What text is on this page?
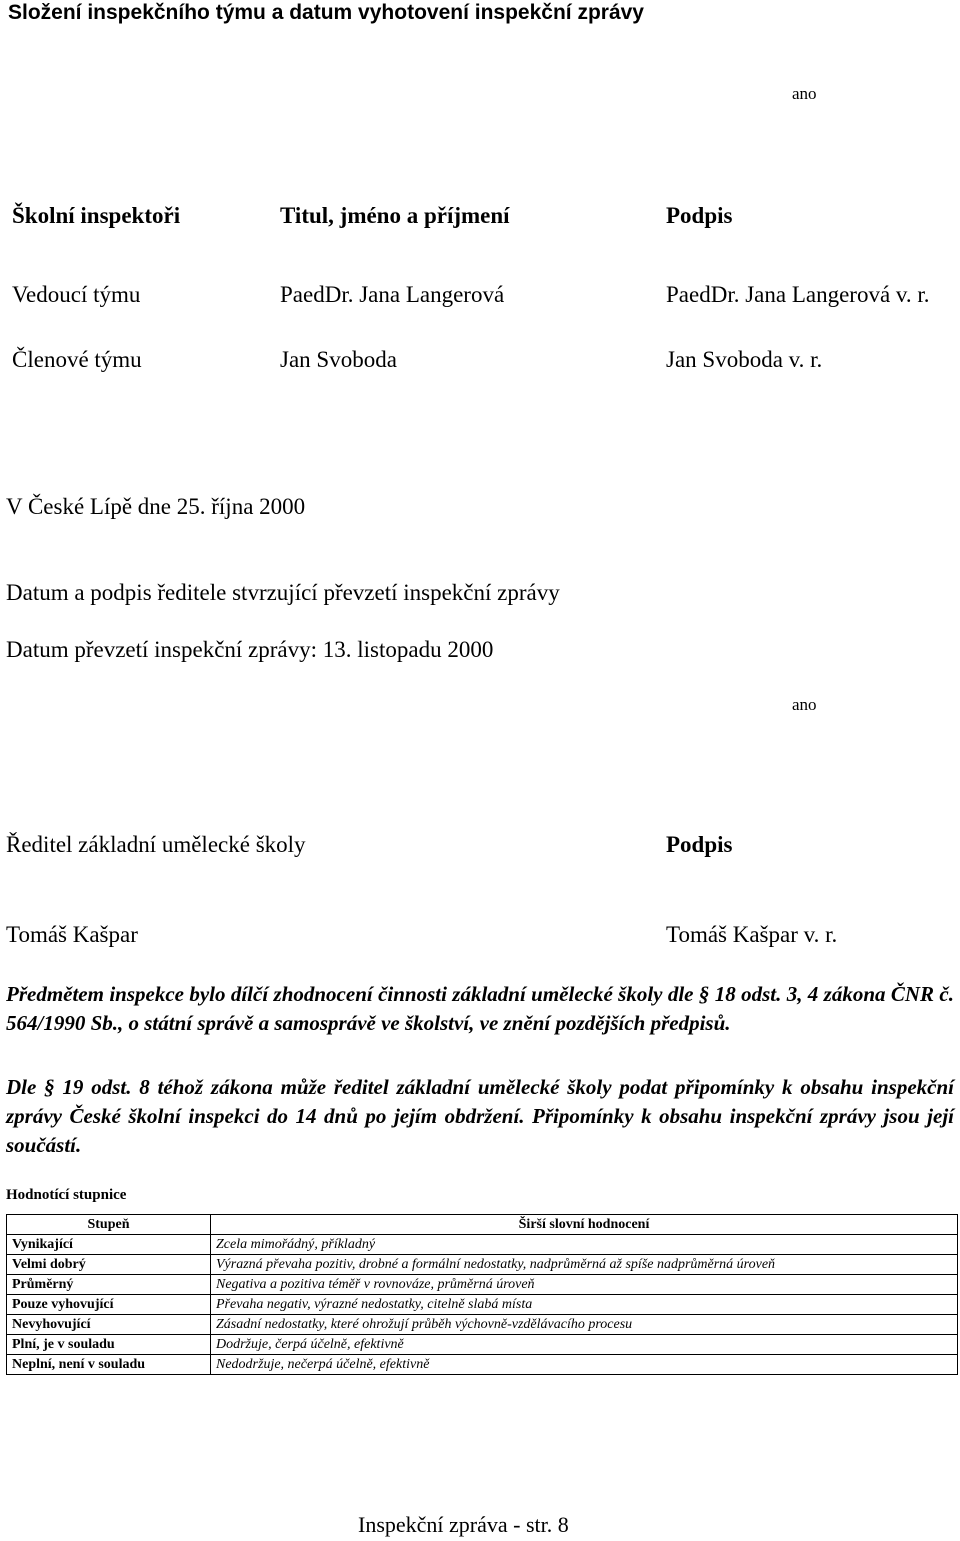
Složení inspekčního týmu a datum vyhotovení inspekční zprávy
ano
Školní inspektoři	Titul, jméno a příjmení	Podpis
Vedoucí týmu	PaedDr. Jana Langerová	PaedDr. Jana Langerová v. r.
Členové týmu	Jan Svoboda	Jan Svoboda v. r.
V České Lípě dne 25. října 2000
Datum a podpis ředitele stvrzující převzetí inspekční zprávy
Datum převzetí inspekční zprávy: 13. listopadu 2000
ano
Ředitel základní umělecké školy	Podpis
Tomáš Kašpar	Tomáš Kašpar v. r.
Předmětem inspekce bylo dílčí zhodnocení činnosti základní umělecké školy dle § 18 odst. 3, 4 zákona ČNR č. 564/1990 Sb., o státní správě a samosprávě ve školství, ve znění pozdějších předpisů.
Dle § 19 odst. 8 téhož zákona může ředitel základní umělecké školy podat připomínky k obsahu inspekční zprávy České školní inspekci do 14 dnů po jejím obdržení. Připomínky k obsahu inspekční zprávy jsou její součástí.
Hodnotící stupnice
Stupeň	Širší slovní hodnocení
Vynikající	Zcela mimořádný, příkladný
Velmi dobrý	Výrazná převaha pozitiv, drobné a formální nedostatky, nadprůměrná až spíše nadprůměrná úroveň
Průměrný	Negativa a pozitiva téměř v rovnováze, průměrná úroveň
Pouze vyhovující	Převaha negativ, výrazné nedostatky, citelně slabá místa
Nevyhovující	Zásadní nedostatky, které ohrožují průběh výchovně-vzdělávacího procesu
Plní, je v souladu	Dodržuje, čerpá účelně, efektivně
Neplní, není v souladu	Nedodržuje, nečerpá účelně, efektivně
Inspekční zpráva - str. 8
